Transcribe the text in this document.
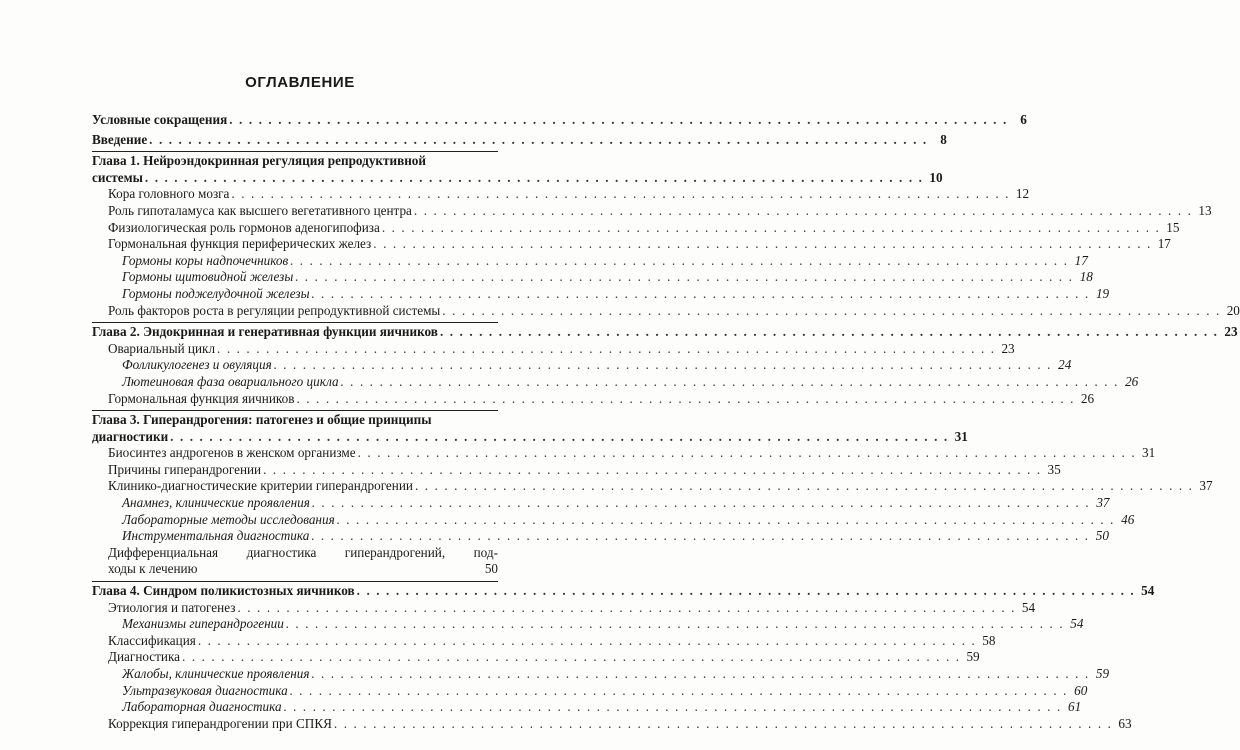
ОГЛАВЛЕНИЕ
Условные сокращения . . . . . . . . . . . . . . . . . . . . . . . . . . . . . . . . . . . . . . . . . . . . . . . . . . . . . . . . . . . . . . . . . . . . . . . . . . . . . . . . 6
Введение . . . . . . . . . . . . . . . . . . . . . . . . . . . . . . . . . . . . . . . . . . . . . . . . . . . . . . . . . . . . . . . . . . . . . . . . . . . . . . . . 8
Глава 1. Нейроэндокринная регуляция репродуктивной
системы . . . . . . . . . . . . . . . . . . . . . . . . . . . . . . . . . . . . . . . . . . . . . . . . . . . . . . . . . . . . . . . . . . . . . . . . . . . . . . . . 10
Кора головного мозга . . . . . . . . . . . . . . . . . . . . . . . . . . . . . . . . . . . . . . . . . . . . . . . . . . . . . . . . . . . . . . . . . . . . . . . . . . . . . . . . 12
Роль гипоталамуса как высшего вегетативного центра . . . . . . . . . . . . . . . . . . . . . . . . . . . . . . . . . . . . . . . . . . . . . . . . . . . . . . . . . . . . . . . . . . . . . . . . . . . . . . . . 13
Физиологическая роль гормонов аденогипофиза . . . . . . . . . . . . . . . . . . . . . . . . . . . . . . . . . . . . . . . . . . . . . . . . . . . . . . . . . . . . . . . . . . . . . . . . . . . . . . . . 15
Гормональная функция периферических желез . . . . . . . . . . . . . . . . . . . . . . . . . . . . . . . . . . . . . . . . . . . . . . . . . . . . . . . . . . . . . . . . . . . . . . . . . . . . . . . . 17
Гормоны коры надпочечников . . . . . . . . . . . . . . . . . . . . . . . . . . . . . . . . . . . . . . . . . . . . . . . . . . . . . . . . . . . . . . . . . . . . . . . . . . . . . . . . 17
Гормоны щитовидной железы . . . . . . . . . . . . . . . . . . . . . . . . . . . . . . . . . . . . . . . . . . . . . . . . . . . . . . . . . . . . . . . . . . . . . . . . . . . . . . . . 18
Гормоны поджелудочной железы . . . . . . . . . . . . . . . . . . . . . . . . . . . . . . . . . . . . . . . . . . . . . . . . . . . . . . . . . . . . . . . . . . . . . . . . . . . . . . . . 19
Роль факторов роста в регуляции репродуктивной системы . . . . . . . . . . . . . . . . . . . . . . . . . . . . . . . . . . . . . . . . . . . . . . . . . . . . . . . . . . . . . . . . . . . . . . . . . . . . . . . . 20
Глава 2. Эндокринная и генеративная функции яичников . . . . . . . . . . . . . . . . . . . . . . . . . . . . . . . . . . . . . . . . . . . . . . . . . . . . . . . . . . . . . . . . . . . . . . . . . . . . . . . . 23
Овариальный цикл . . . . . . . . . . . . . . . . . . . . . . . . . . . . . . . . . . . . . . . . . . . . . . . . . . . . . . . . . . . . . . . . . . . . . . . . . . . . . . . . 23
Фолликулогенез и овуляция . . . . . . . . . . . . . . . . . . . . . . . . . . . . . . . . . . . . . . . . . . . . . . . . . . . . . . . . . . . . . . . . . . . . . . . . . . . . . . . . 24
Лютеиновая фаза овариального цикла . . . . . . . . . . . . . . . . . . . . . . . . . . . . . . . . . . . . . . . . . . . . . . . . . . . . . . . . . . . . . . . . . . . . . . . . . . . . . . . . 26
Гормональная функция яичников . . . . . . . . . . . . . . . . . . . . . . . . . . . . . . . . . . . . . . . . . . . . . . . . . . . . . . . . . . . . . . . . . . . . . . . . . . . . . . . . 26
Глава 3. Гиперандрогения: патогенез и общие принципы
диагностики . . . . . . . . . . . . . . . . . . . . . . . . . . . . . . . . . . . . . . . . . . . . . . . . . . . . . . . . . . . . . . . . . . . . . . . . . . . . . . . . 31
Биосинтез андрогенов в женском организме . . . . . . . . . . . . . . . . . . . . . . . . . . . . . . . . . . . . . . . . . . . . . . . . . . . . . . . . . . . . . . . . . . . . . . . . . . . . . . . . 31
Причины гиперандрогении . . . . . . . . . . . . . . . . . . . . . . . . . . . . . . . . . . . . . . . . . . . . . . . . . . . . . . . . . . . . . . . . . . . . . . . . . . . . . . . . 35
Клинико-диагностические критерии гиперандрогении . . . . . . . . . . . . . . . . . . . . . . . . . . . . . . . . . . . . . . . . . . . . . . . . . . . . . . . . . . . . . . . . . . . . . . . . . . . . . . . . 37
Анамнез, клинические проявления . . . . . . . . . . . . . . . . . . . . . . . . . . . . . . . . . . . . . . . . . . . . . . . . . . . . . . . . . . . . . . . . . . . . . . . . . . . . . . . . 37
Лабораторные методы исследования . . . . . . . . . . . . . . . . . . . . . . . . . . . . . . . . . . . . . . . . . . . . . . . . . . . . . . . . . . . . . . . . . . . . . . . . . . . . . . . . 46
Инструментальная диагностика . . . . . . . . . . . . . . . . . . . . . . . . . . . . . . . . . . . . . . . . . . . . . . . . . . . . . . . . . . . . . . . . . . . . . . . . . . . . . . . . 50
Дифференциальная диагностика гиперандрогений, под-
ходы к лечению	50
Глава 4. Синдром поликистозных яичников . . . . . . . . . . . . . . . . . . . . . . . . . . . . . . . . . . . . . . . . . . . . . . . . . . . . . . . . . . . . . . . . . . . . . . . . . . . . . . . . 54
Этиология и патогенез . . . . . . . . . . . . . . . . . . . . . . . . . . . . . . . . . . . . . . . . . . . . . . . . . . . . . . . . . . . . . . . . . . . . . . . . . . . . . . . . 54
Механизмы гиперандрогении . . . . . . . . . . . . . . . . . . . . . . . . . . . . . . . . . . . . . . . . . . . . . . . . . . . . . . . . . . . . . . . . . . . . . . . . . . . . . . . . 54
Классификация . . . . . . . . . . . . . . . . . . . . . . . . . . . . . . . . . . . . . . . . . . . . . . . . . . . . . . . . . . . . . . . . . . . . . . . . . . . . . . . . 58
Диагностика . . . . . . . . . . . . . . . . . . . . . . . . . . . . . . . . . . . . . . . . . . . . . . . . . . . . . . . . . . . . . . . . . . . . . . . . . . . . . . . . 59
Жалобы, клинические проявления . . . . . . . . . . . . . . . . . . . . . . . . . . . . . . . . . . . . . . . . . . . . . . . . . . . . . . . . . . . . . . . . . . . . . . . . . . . . . . . . 59
Ультразвуковая диагностика . . . . . . . . . . . . . . . . . . . . . . . . . . . . . . . . . . . . . . . . . . . . . . . . . . . . . . . . . . . . . . . . . . . . . . . . . . . . . . . . 60
Лабораторная диагностика . . . . . . . . . . . . . . . . . . . . . . . . . . . . . . . . . . . . . . . . . . . . . . . . . . . . . . . . . . . . . . . . . . . . . . . . . . . . . . . . 61
Коррекция гиперандрогении при СПКЯ . . . . . . . . . . . . . . . . . . . . . . . . . . . . . . . . . . . . . . . . . . . . . . . . . . . . . . . . . . . . . . . . . . . . . . . . . . . . . . . . 63
